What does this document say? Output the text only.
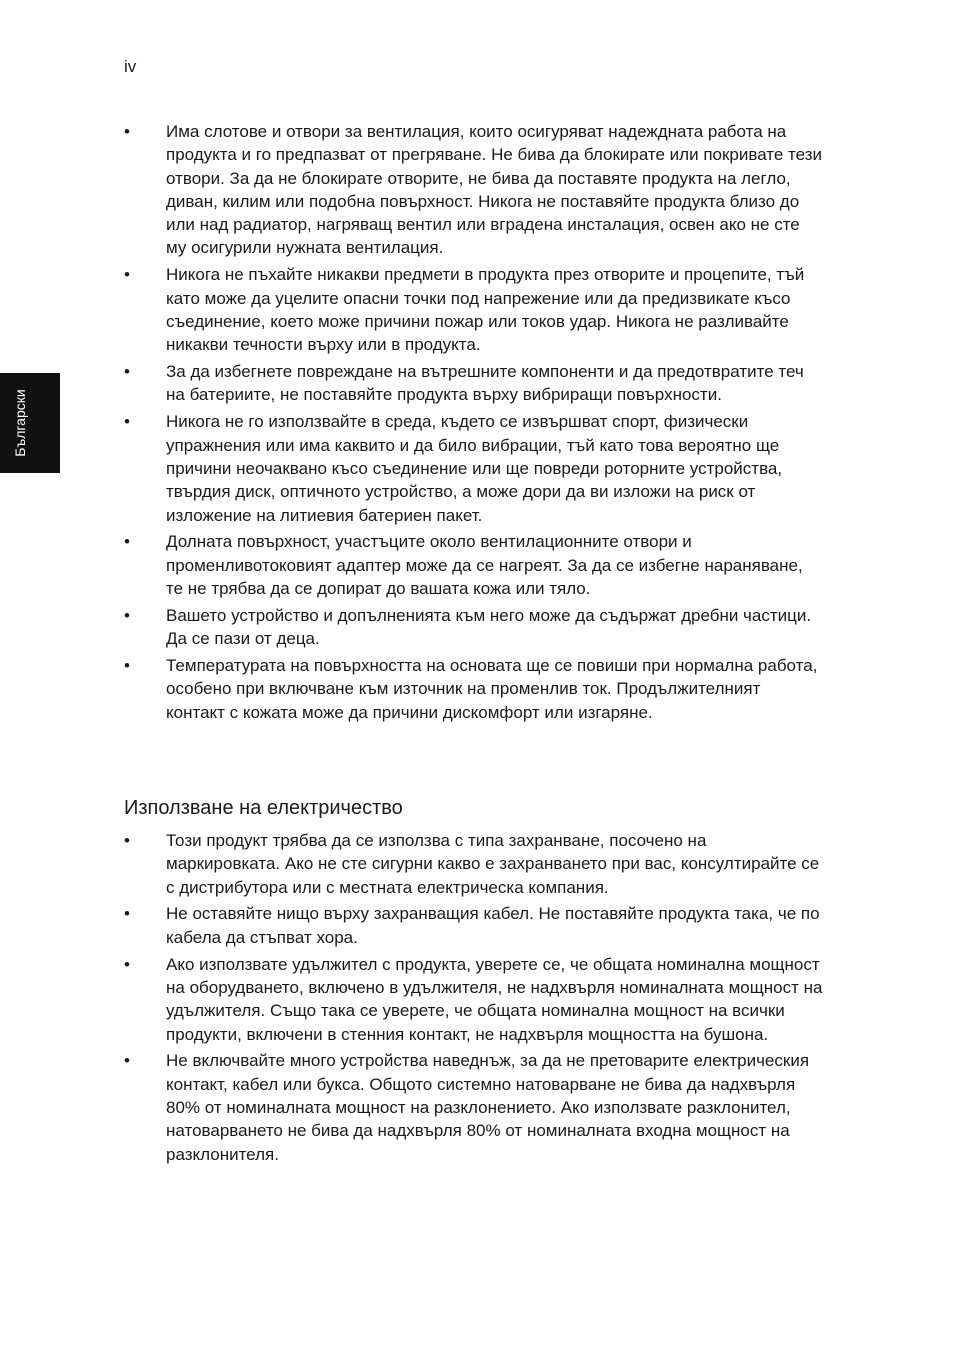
iv
Български
•	Има слотове и отвори за вентилация, които осигуряват надеждната работа на продукта и го предпазват от прегряване. Не бива да блокирате или покривате тези отвори. За да не блокирате отворите, не бива да поставяте продукта на легло, диван, килим или подобна повърхност. Никога не поставяйте продукта близо до или над радиатор, нагряващ вентил или вградена инсталация, освен ако не сте му осигурили нужната вентилация.
•	Никога не пъхайте никакви предмети в продукта през отворите и процепите, тъй като може да уцелите опасни точки под напрежение или да предизвикате късо съединение, което може причини пожар или токов удар. Никога не разливайте никакви течности върху или в продукта.
•	За да избегнете повреждане на вътрешните компоненти и да предотвратите теч на батериите, не поставяйте продукта върху вибриращи повърхности.
•	Никога не го използвайте в среда, където се извършват спорт, физически упражнения или има каквито и да било вибрации, тъй като това вероятно ще причини неочаквано късо съединение или ще повреди роторните устройства, твърдия диск, оптичното устройство, а може дори да ви изложи на риск от изложение на литиевия батериен пакет.
•	Долната повърхност, участъците около вентилационните отвори и променливотоковият адаптер може да се нагреят. За да се избегне нараняване, те не трябва да се допират до вашата кожа или тяло.
•	Вашето устройство и допълненията към него може да съдържат дребни частици. Да се пази от деца.
•	Температурата на повърхността на основата ще се повиши при нормална работа, особено при включване към източник на променлив ток. Продължителният контакт с кожата може да причини дискомфорт или изгаряне.
Използване на електричество
•	Този продукт трябва да се използва с типа захранване, посочено на маркировката. Ако не сте сигурни какво е захранването при вас, консултирайте се с дистрибутора или с местната електрическа компания.
•	Не оставяйте нищо върху захранващия кабел. Не поставяйте продукта така, че по кабела да стъпват хора.
•	Ако използвате удължител с продукта, уверете се, че общата номинална мощност на оборудването, включено в удължителя, не надхвърля номиналната мощност на удължителя. Също така се уверете, че общата номинална мощност на всички продукти, включени в стенния контакт, не надхвърля мощността на бушона.
•	Не включвайте много устройства наведнъж, за да не претоварите електрическия контакт, кабел или букса. Общото системно натоварване не бива да надхвърля 80% от номиналната мощност на разклонението. Ако използвате разклонител, натоварването не бива да надхвърля 80% от номиналната входна мощност на разклонителя.
